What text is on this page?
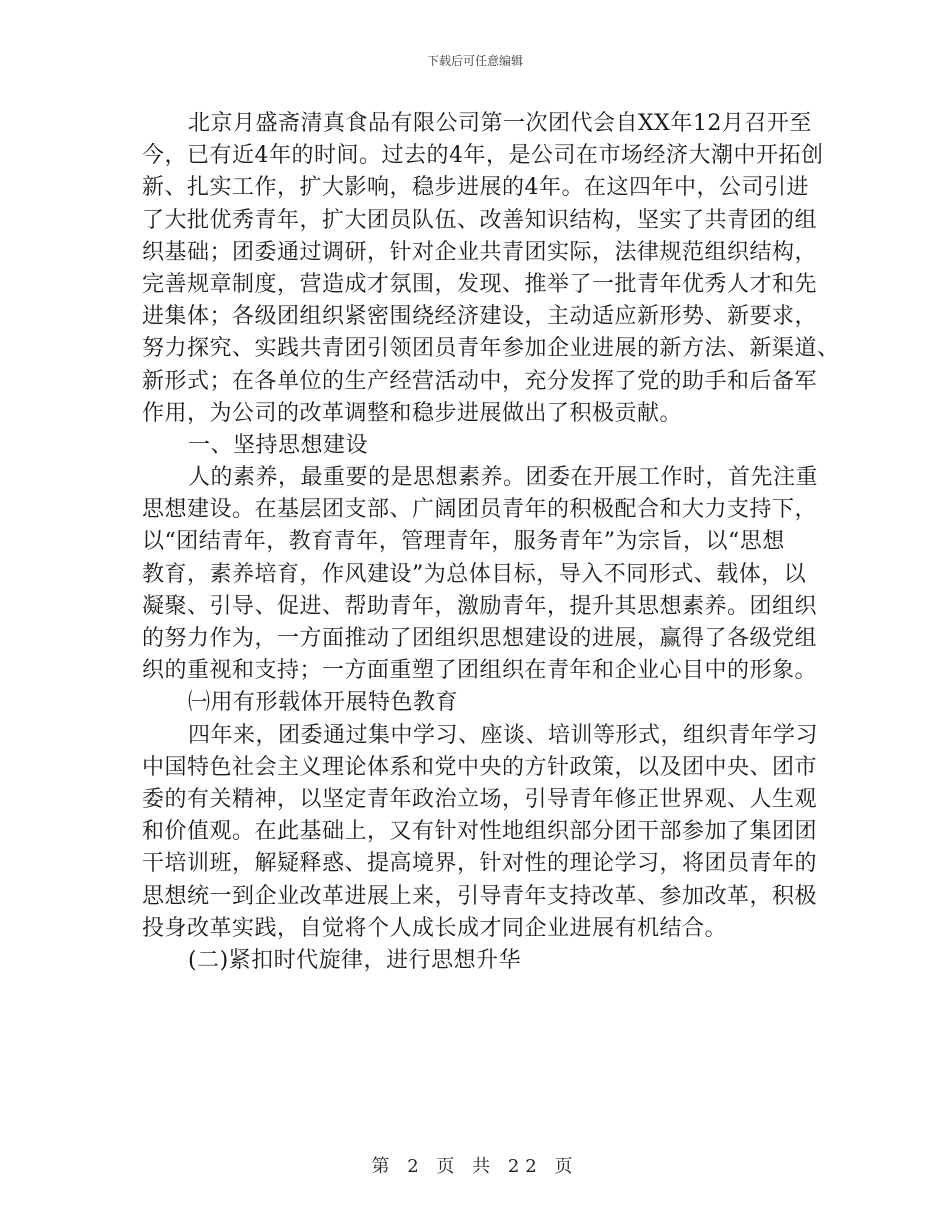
下载后可任意编辑
北京月盛斋清真食品有限公司第一次团代会自XX年12月召开至
今，已有近4年的时间。过去的4年，是公司在市场经济大潮中开拓创
新、扎实工作，扩大影响，稳步进展的4年。在这四年中，公司引进
了大批优秀青年，扩大团员队伍、改善知识结构，坚实了共青团的组
织基础；团委通过调研，针对企业共青团实际，法律规范组织结构，
完善规章制度，营造成才氛围，发现、推举了一批青年优秀人才和先
进集体；各级团组织紧密围绕经济建设，主动适应新形势、新要求，
努力探究、实践共青团引领团员青年参加企业进展的新方法、新渠道、
新形式；在各单位的生产经营活动中，充分发挥了党的助手和后备军
作用，为公司的改革调整和稳步进展做出了积极贡献。
一、坚持思想建设
人的素养，最重要的是思想素养。团委在开展工作时，首先注重
思想建设。在基层团支部、广阔团员青年的积极配合和大力支持下，
以“团结青年，教育青年，管理青年，服务青年”为宗旨，以“思想
教育，素养培育，作风建设”为总体目标，导入不同形式、载体，以
凝聚、引导、促进、帮助青年，激励青年，提升其思想素养。团组织
的努力作为，一方面推动了团组织思想建设的进展，赢得了各级党组
织的重视和支持；一方面重塑了团组织在青年和企业心目中的形象。
㈠用有形载体开展特色教育
四年来，团委通过集中学习、座谈、培训等形式，组织青年学习
中国特色社会主义理论体系和党中央的方针政策，以及团中央、团市
委的有关精神，以坚定青年政治立场，引导青年修正世界观、人生观
和价值观。在此基础上，又有针对性地组织部分团干部参加了集团团
干培训班，解疑释惑、提高境界，针对性的理论学习，将团员青年的
思想统一到企业改革进展上来，引导青年支持改革、参加改革，积极
投身改革实践，自觉将个人成长成才同企业进展有机结合。
(二)紧扣时代旋律，进行思想升华
第 2 页 共 22 页
